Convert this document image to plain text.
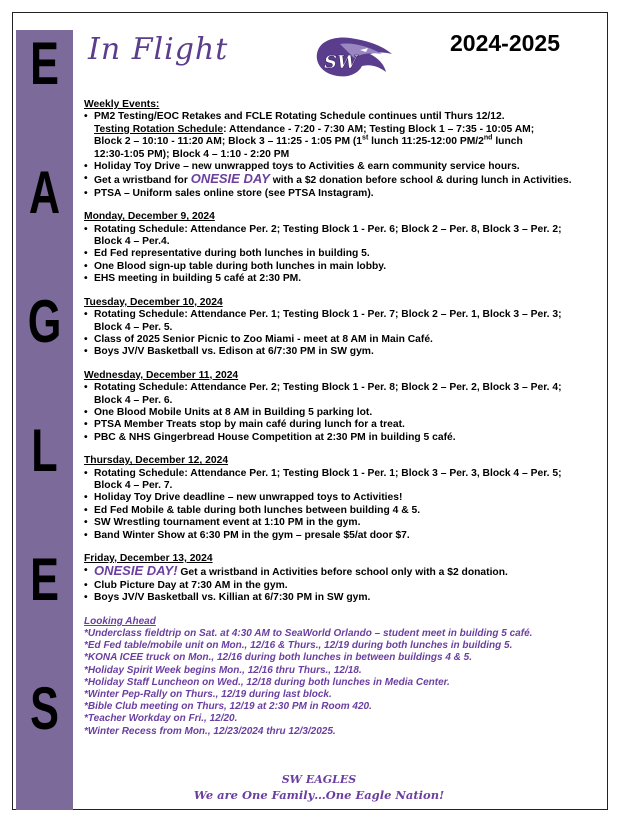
E
A
G
L
E
S
In Flight	SW
2024-2025
Weekly Events:
• PM2 Testing/EOC Retakes and FCLE Rotating Schedule continues until Thurs 12/12.
Testing Rotation Schedule: Attendance - 7:20 - 7:30 AM; Testing Block 1 – 7:35 - 10:05 AM;
Block 2 – 10:10 - 11:20 AM; Block 3 – 11:25 - 1:05 PM (1st lunch 11:25-12:00 PM/2nd lunch
12:30-1:05 PM); Block 4 – 1:10 - 2:20 PM
• Holiday Toy Drive – new unwrapped toys to Activities & earn community service hours.
• Get a wristband for ONESIE DAY with a $2 donation before school & during lunch in Activities.
• PTSA – Uniform sales online store (see PTSA Instagram).
Monday, December 9, 2024
• Rotating Schedule: Attendance Per. 2; Testing Block 1 - Per. 6; Block 2 – Per. 8, Block 3 – Per. 2;
Block 4 – Per.4.
• Ed Fed representative during both lunches in building 5.
• One Blood sign-up table during both lunches in main lobby.
• EHS meeting in building 5 café at 2:30 PM.
Tuesday, December 10, 2024
• Rotating Schedule: Attendance Per. 1; Testing Block 1 - Per. 7; Block 2 – Per. 1, Block 3 – Per. 3;
Block 4 – Per. 5.
• Class of 2025 Senior Picnic to Zoo Miami - meet at 8 AM in Main Café.
• Boys JV/V Basketball vs. Edison at 6/7:30 PM in SW gym.
Wednesday, December 11, 2024
• Rotating Schedule: Attendance Per. 2; Testing Block 1 - Per. 8; Block 2 – Per. 2, Block 3 – Per. 4;
Block 4 – Per. 6.
• One Blood Mobile Units at 8 AM in Building 5 parking lot.
• PTSA Member Treats stop by main café during lunch for a treat.
• PBC & NHS Gingerbread House Competition at 2:30 PM in building 5 café.
Thursday, December 12, 2024
• Rotating Schedule: Attendance Per. 1; Testing Block 1 - Per. 1; Block 3 – Per. 3, Block 4 – Per. 5;
Block 4 – Per. 7.
• Holiday Toy Drive deadline – new unwrapped toys to Activities!
• Ed Fed Mobile & table during both lunches between building 4 & 5.
• SW Wrestling tournament event at 1:10 PM in the gym.
• Band Winter Show at 6:30 PM in the gym – presale $5/at door $7.
Friday, December 13, 2024
• ONESIE DAY! Get a wristband in Activities before school only with a $2 donation.
• Club Picture Day at 7:30 AM in the gym.
• Boys JV/V Basketball vs. Killian at 6/7:30 PM in SW gym.
Looking Ahead
*Underclass fieldtrip on Sat. at 4:30 AM to SeaWorld Orlando – student meet in building 5 café.
*Ed Fed table/mobile unit on Mon., 12/16 & Thurs., 12/19 during both lunches in building 5.
*KONA ICEE truck on Mon., 12/16 during both lunches in between buildings 4 & 5.
*Holiday Spirit Week begins Mon., 12/16 thru Thurs., 12/18.
*Holiday Staff Luncheon on Wed., 12/18 during both lunches in Media Center.
*Winter Pep-Rally on Thurs., 12/19 during last block.
*Bible Club meeting on Thurs, 12/19 at 2:30 PM in Room 420.
*Teacher Workday on Fri., 12/20.
*Winter Recess from Mon., 12/23/2024 thru 12/3/2025.
SW EAGLES
We are One Family…One Eagle Nation!
